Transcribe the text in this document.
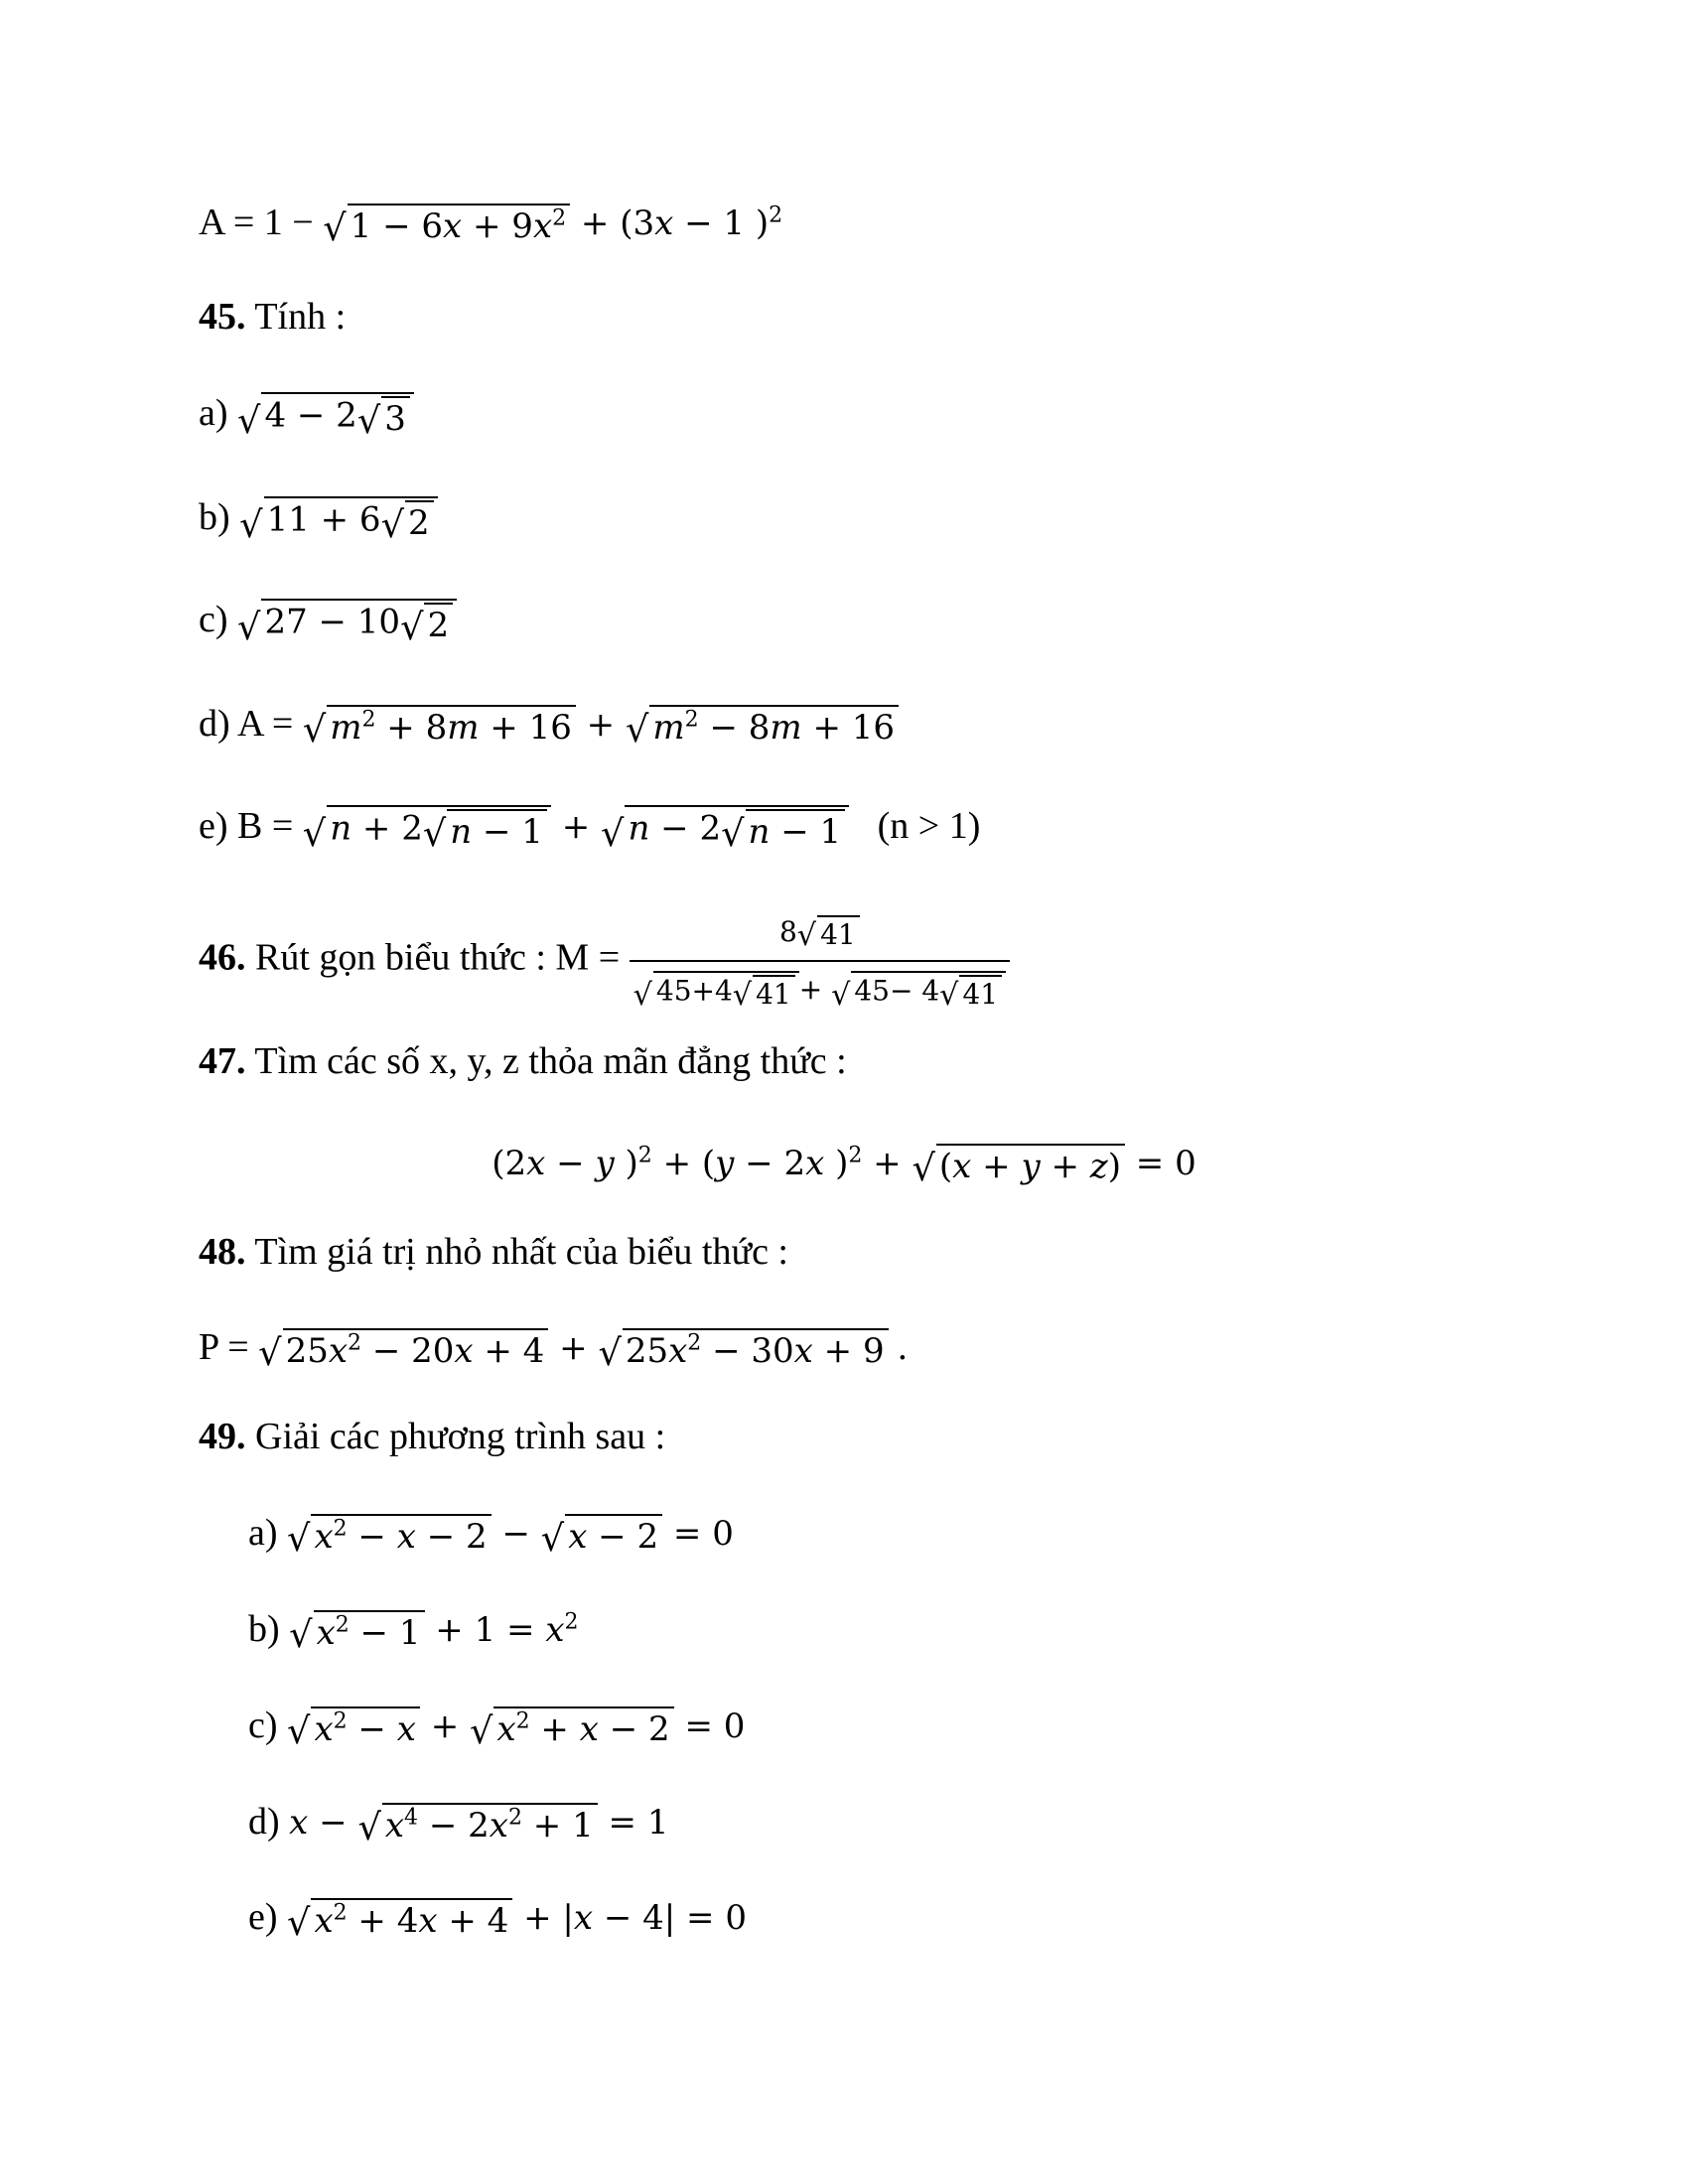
A = 1 − √ $1 - 6x + 9x^2 + (3x - 1$ )$^2$
45. Tính :
a) √ 4 − 2 √ 3
b) √ 11 + 6 √ 2
c) √ 27 − 10 √ 2
d) A = √ $m^2 + 8m + 16$ + √ $m^2 - 8m + 16$
e) B = √ n + 2 √ n − 1 + √ n − 2 √ n − 1 (n > 1)
46. Rút gọn biểu thức : $M = \frac{8 √ 41}{√ 45+4 √ 41 + √ 45- 4 √ 41}$
47. Tìm các số x, y, z thỏa mãn đẳng thức :
(2x − y )$^2$ + (y − 2x )$^2$ + √ (x + y + z) = 0
48. Tìm giá trị nhỏ nhất của biểu thức :
P = √ $25x^2 - 20x + 4$ + √ $25x^2 - 30x + 9$ .
49. Giải các phương trình sau :
a) √ $x^2 - x - 2$ − √ x − 2 = 0
b) √ $x^2 - 1 + 1 = x^2$
c) √ $x^2 - x$ + √ $x^2 + x - 2 = 0$
d) x − √ $x^4 - 2x^2 + 1 = 1$
e) √ $x^2 + 4x + 4 + |x - 4| = 0$
